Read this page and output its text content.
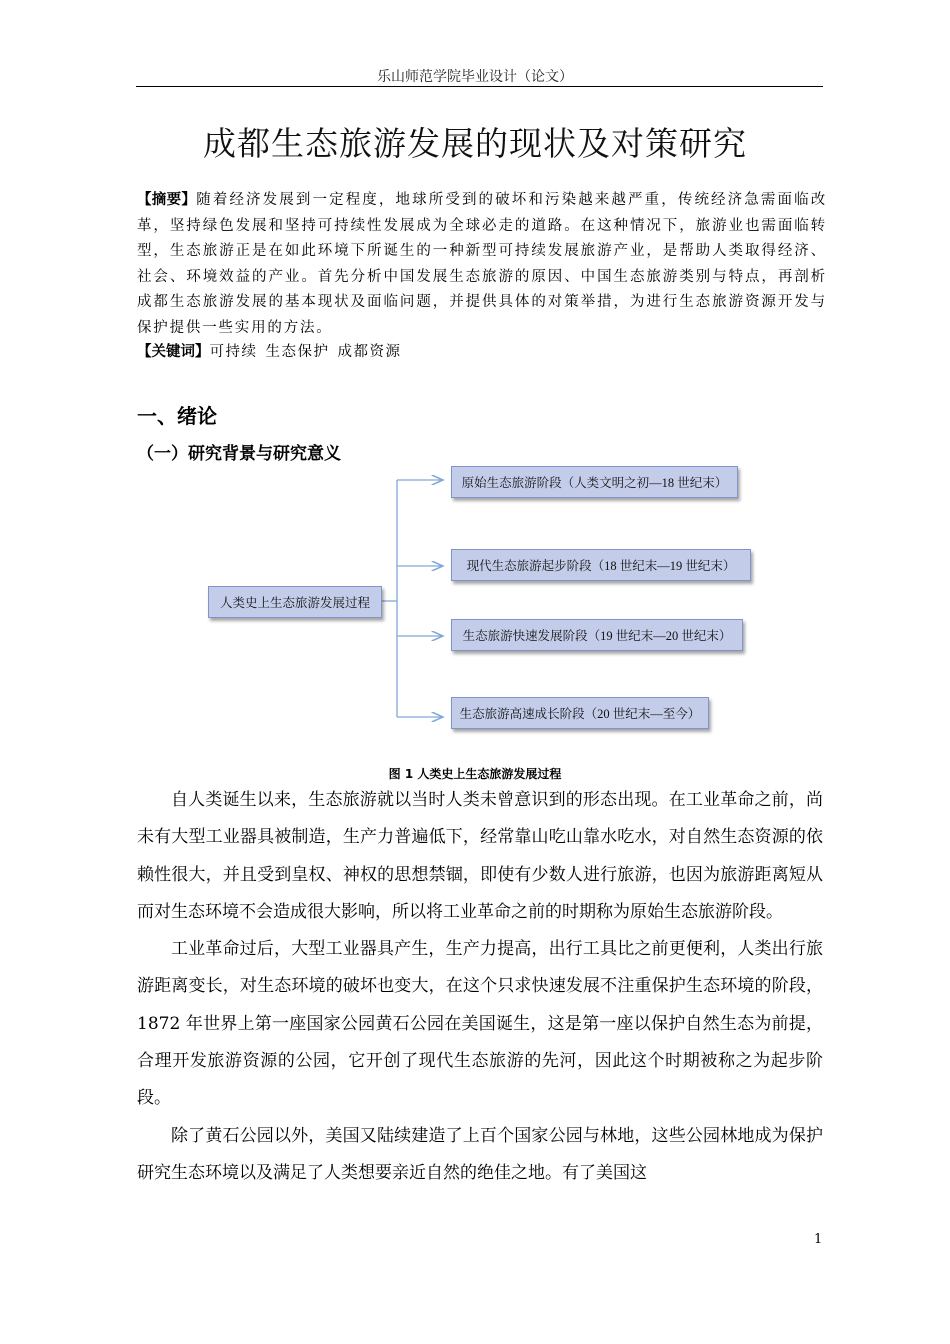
乐山师范学院毕业设计（论文）
成都生态旅游发展的现状及对策研究
【摘要】随着经济发展到一定程度，地球所受到的破坏和污染越来越严重，传统经济急需面临改革，坚持绿色发展和坚持可持续性发展成为全球必走的道路。在这种情况下，旅游业也需面临转型，生态旅游正是在如此环境下所诞生的一种新型可持续发展旅游产业，是帮助人类取得经济、社会、环境效益的产业。首先分析中国发展生态旅游的原因、中国生态旅游类别与特点，再剖析成都生态旅游发展的基本现状及面临问题，并提供具体的对策举措，为进行生态旅游资源开发与保护提供一些实用的方法。
【关键词】可持续 生态保护 成都资源
一、绪论
（一）研究背景与研究意义
人类史上生态旅游发展过程
原始生态旅游阶段（人类文明之初—18 世纪末）
现代生态旅游起步阶段（18 世纪末—19 世纪末）
生态旅游快速发展阶段（19 世纪末—20 世纪末）
生态旅游高速成长阶段（20 世纪末—至今）
图 1 人类史上生态旅游发展过程

自人类诞生以来，生态旅游就以当时人类未曾意识到的形态出现。在工业革命之前，尚未有大型工业器具被制造，生产力普遍低下，经常靠山吃山靠水吃水，对自然生态资源的依赖性很大，并且受到皇权、神权的思想禁锢，即使有少数人进行旅游，也因为旅游距离短从而对生态环境不会造成很大影响，所以将工业革命之前的时期称为原始生态旅游阶段。

工业革命过后，大型工业器具产生，生产力提高，出行工具比之前更便利，人类出行旅游距离变长，对生态环境的破坏也变大，在这个只求快速发展不注重保护生态环境的阶段，1872 年世界上第一座国家公园黄石公园在美国诞生，这是第一座以保护自然生态为前提，合理开发旅游资源的公园，它开创了现代生态旅游的先河，因此这个时期被称之为起步阶段。

除了黄石公园以外，美国又陆续建造了上百个国家公园与林地，这些公园林地成为保护研究生态环境以及满足了人类想要亲近自然的绝佳之地。有了美国这

1
